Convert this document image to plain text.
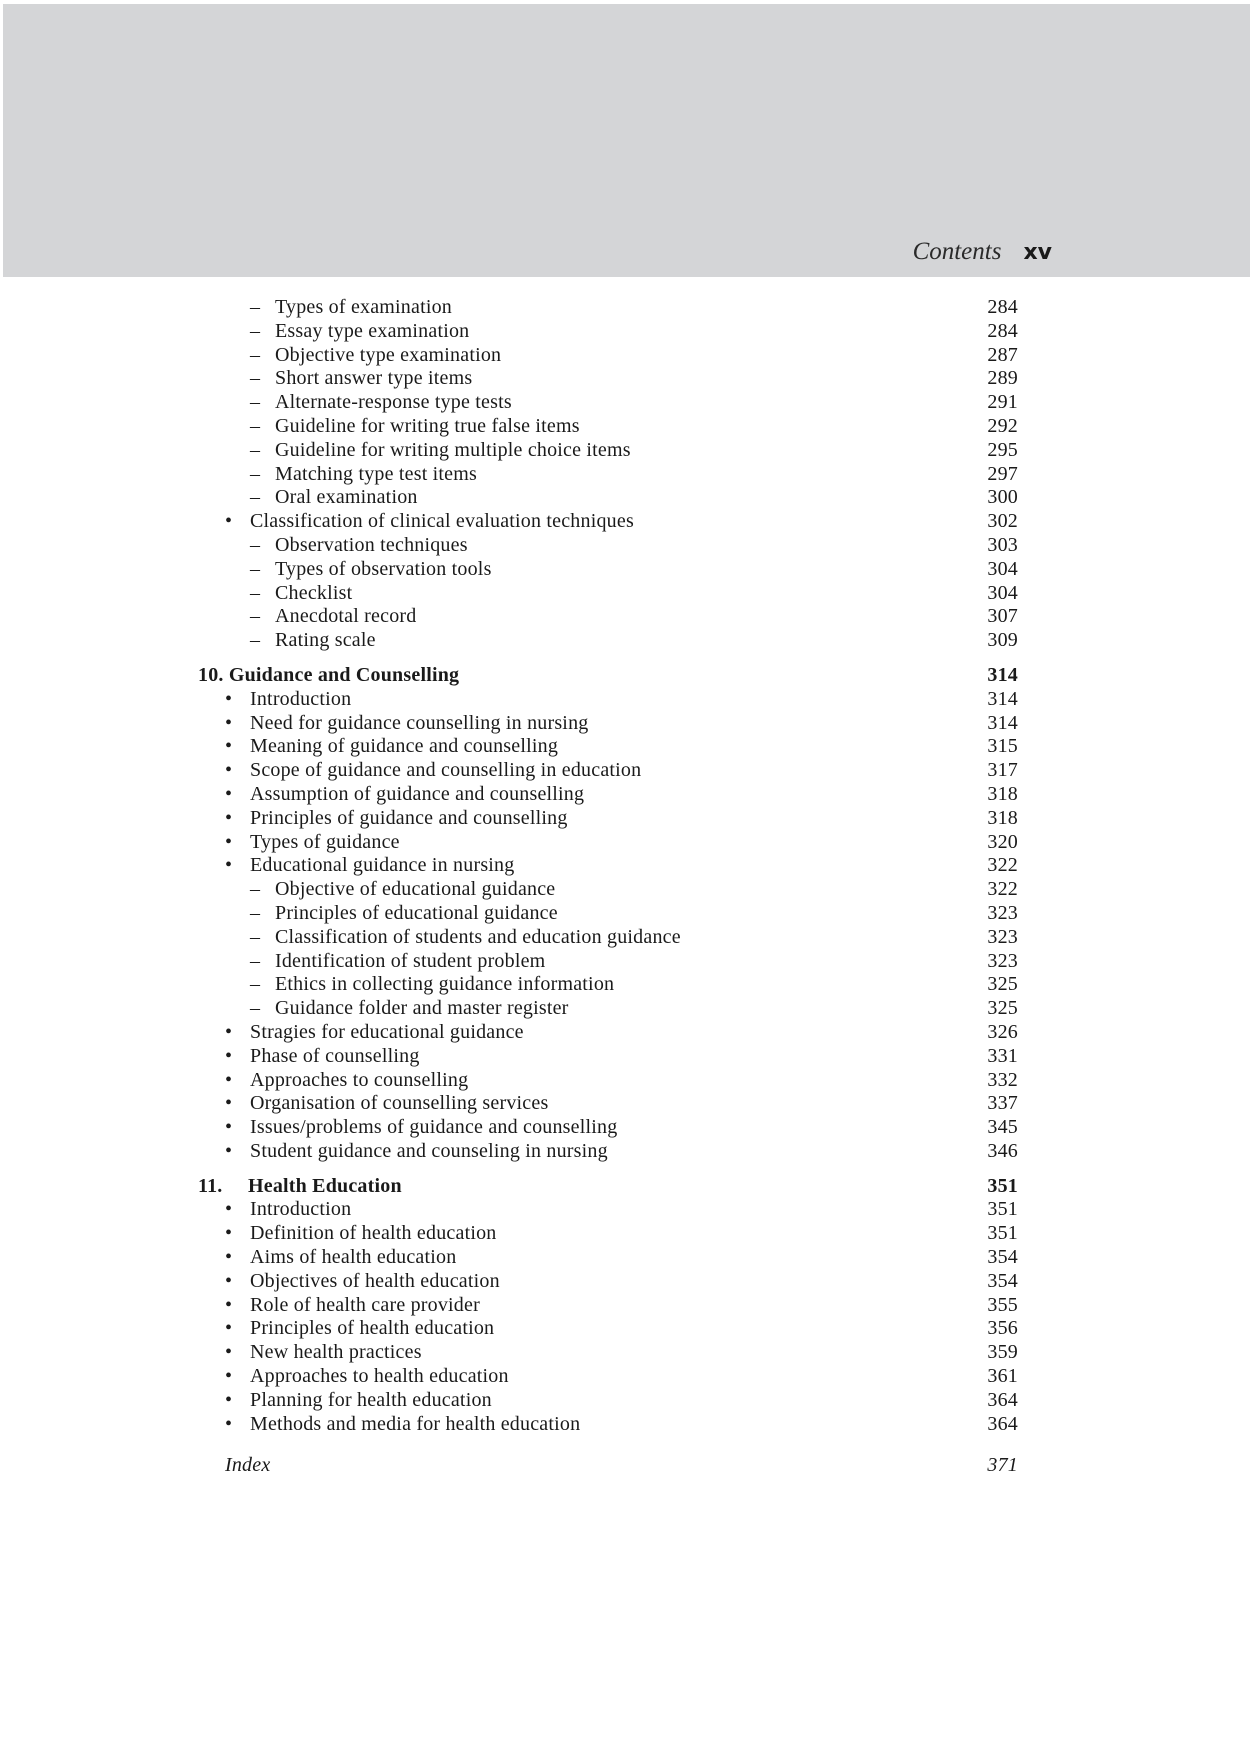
Contents xv
– Types of examination	284
– Essay type examination	284
– Objective type examination	287
– Short answer type items	289
– Alternate-response type tests	291
– Guideline for writing true false items	292
– Guideline for writing multiple choice items	295
– Matching type test items	297
– Oral examination	300
• Classification of clinical evaluation techniques	302
– Observation techniques	303
– Types of observation tools	304
– Checklist	304
– Anecdotal record	307
– Rating scale	309
10. Guidance and Counselling	314
• Introduction	314
• Need for guidance counselling in nursing	314
• Meaning of guidance and counselling	315
• Scope of guidance and counselling in education	317
• Assumption of guidance and counselling	318
• Principles of guidance and counselling	318
• Types of guidance	320
• Educational guidance in nursing	322
– Objective of educational guidance	322
– Principles of educational guidance	323
– Classification of students and education guidance	323
– Identification of student problem	323
– Ethics in collecting guidance information	325
– Guidance folder and master register	325
• Stragies for educational guidance	326
• Phase of counselling	331
• Approaches to counselling	332
• Organisation of counselling services	337
• Issues/problems of guidance and counselling	345
• Student guidance and counseling in nursing	346
11. Health Education	351
• Introduction	351
• Definition of health education	351
• Aims of health education	354
• Objectives of health education	354
• Role of health care provider	355
• Principles of health education	356
• New health practices	359
• Approaches to health education	361
• Planning for health education	364
• Methods and media for health education	364
Index	371
